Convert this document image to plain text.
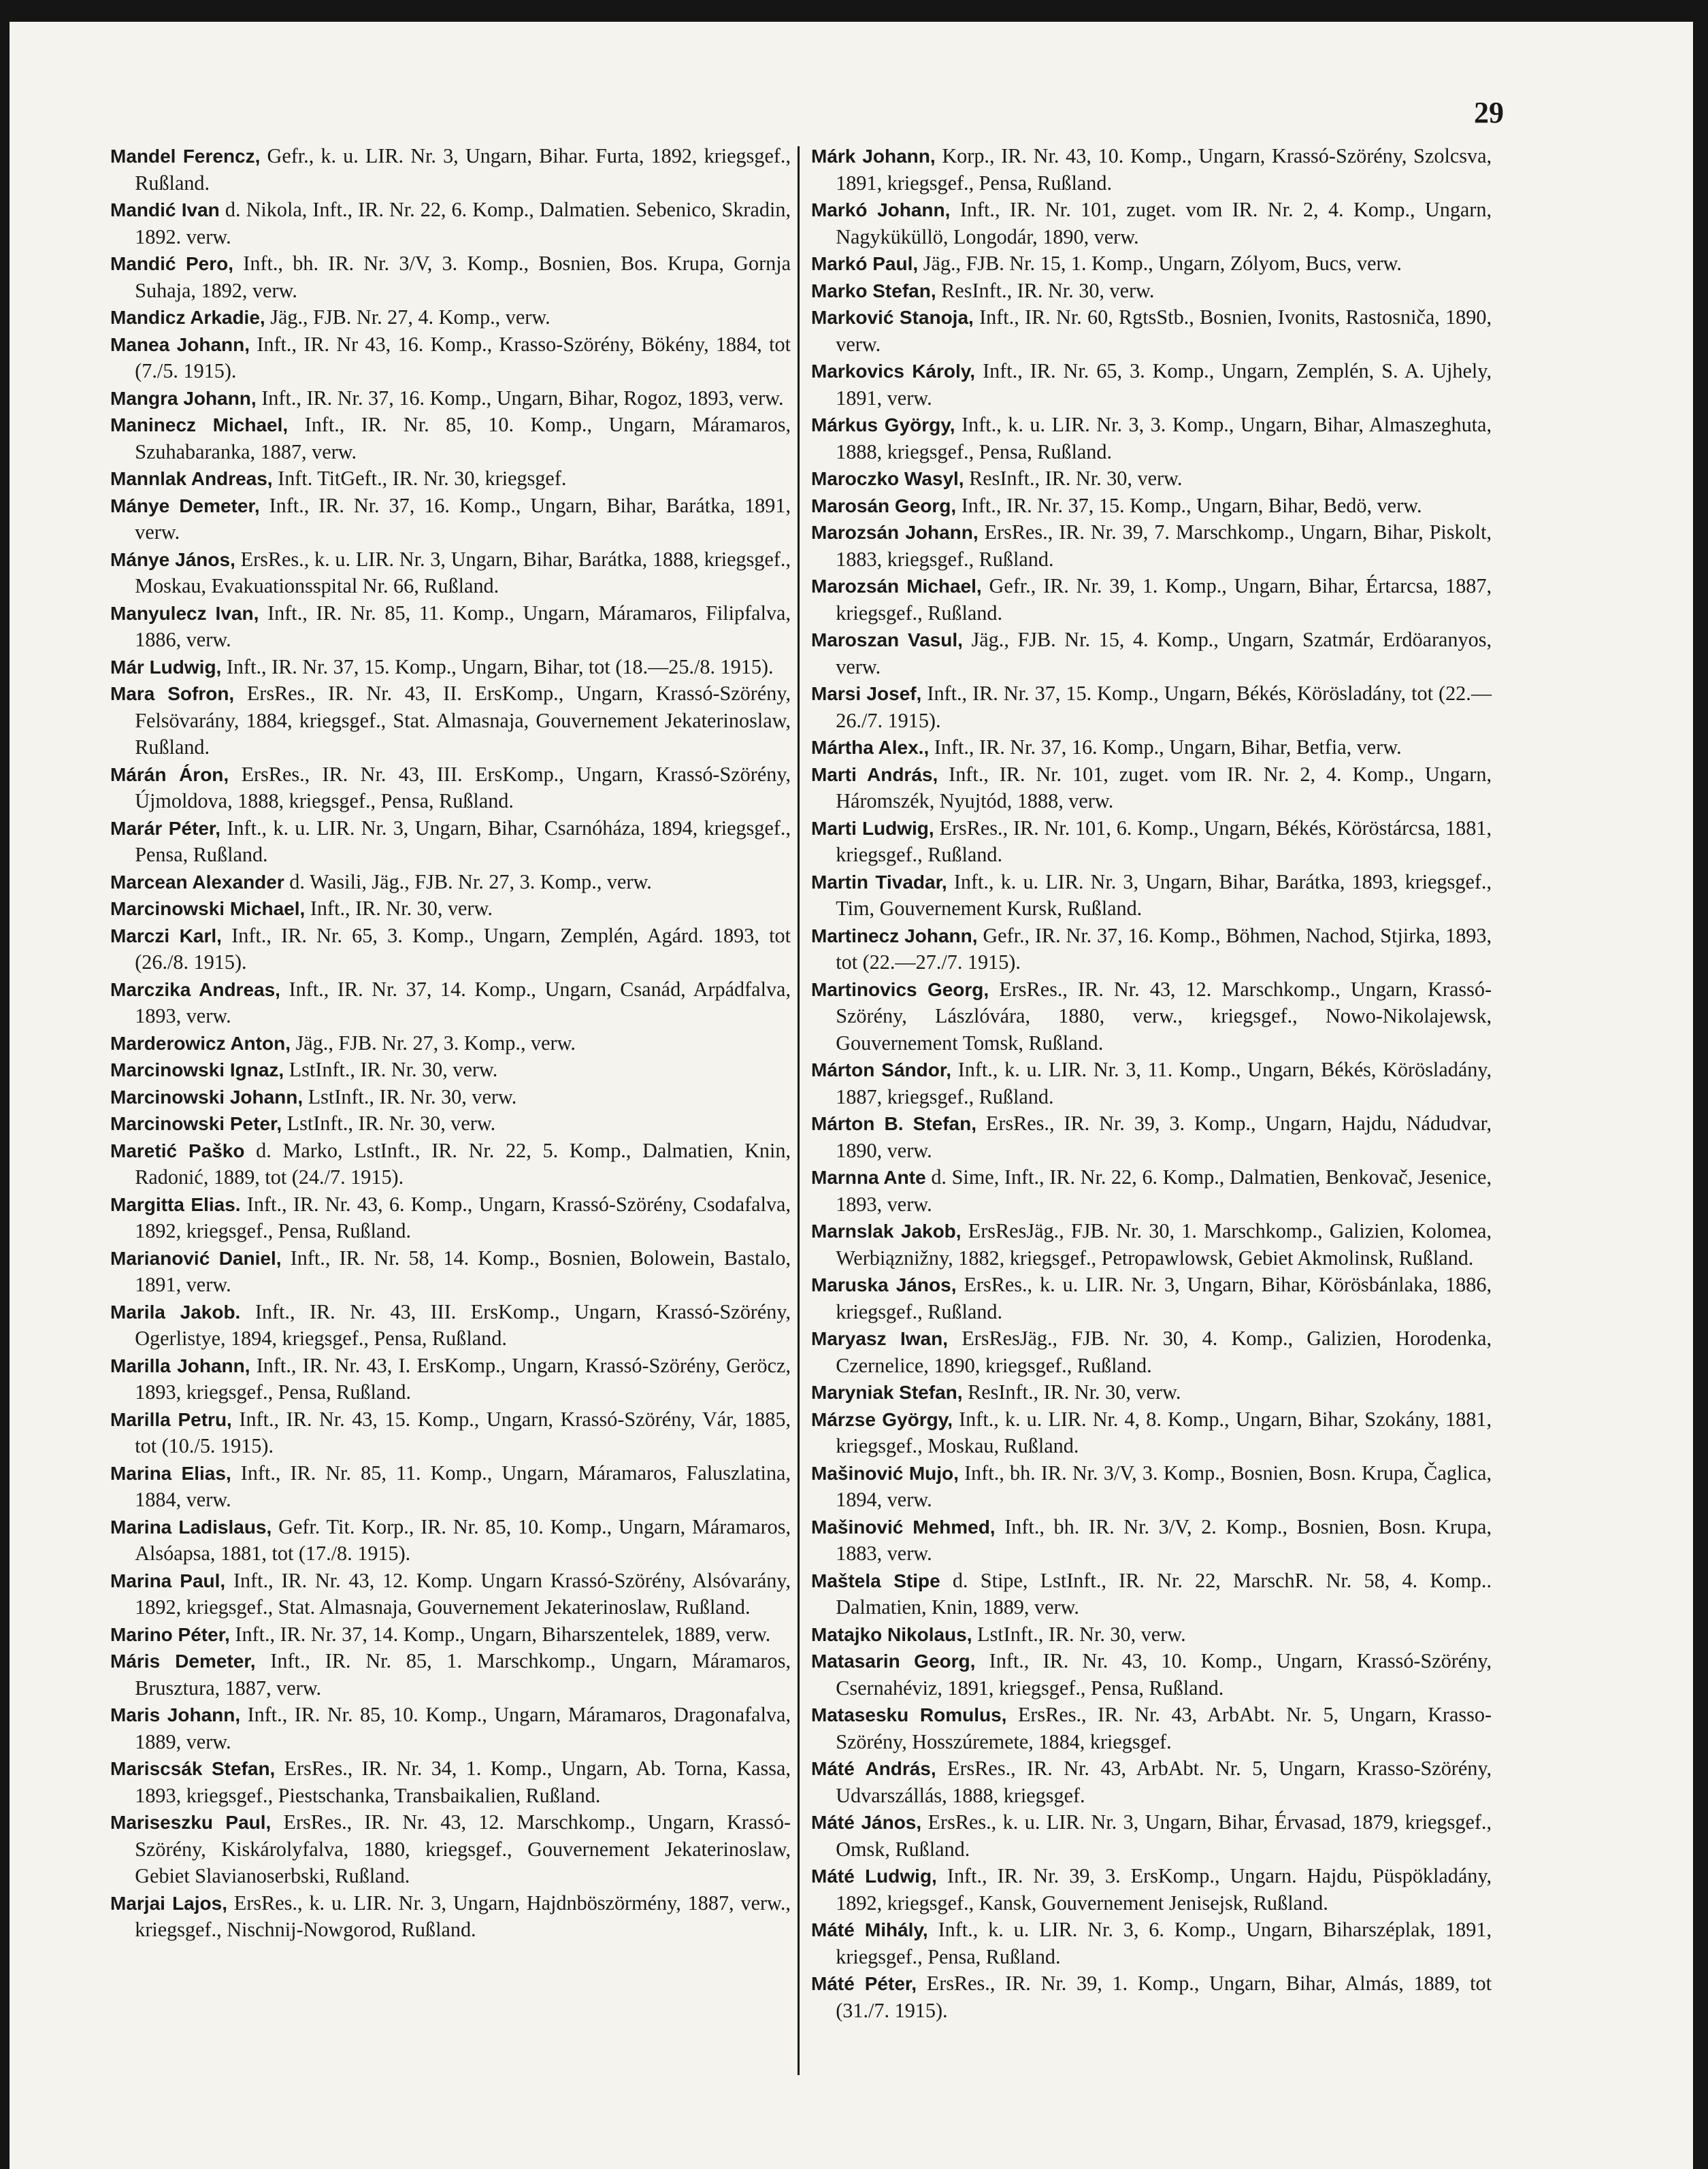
29

Mandel Ferencz, Gefr., k. u. LIR. Nr. 3, Ungarn, Bihar. Furta, 1892, kriegsgef., Rußland.

Mandić Ivan d. Nikola, Inft., IR. Nr. 22, 6. Komp., Dalmatien. Sebenico, Skradin, 1892. verw.

Mandić Pero, Inft., bh. IR. Nr. 3/V, 3. Komp., Bosnien, Bos. Krupa, Gornja Suhaja, 1892, verw.

Mandicz Arkadie, Jäg., FJB. Nr. 27, 4. Komp., verw.

Manea Johann, Inft., IR. Nr 43, 16. Komp., Krasso-Szörény, Bökény, 1884, tot (7./5. 1915).

Mangra Johann, Inft., IR. Nr. 37, 16. Komp., Ungarn, Bihar, Rogoz, 1893, verw.

Maninecz Michael, Inft., IR. Nr. 85, 10. Komp., Ungarn, Máramaros, Szuhabaranka, 1887, verw.

Mannlak Andreas, Inft. TitGeft., IR. Nr. 30, kriegsgef.

Mánye Demeter, Inft., IR. Nr. 37, 16. Komp., Ungarn, Bihar, Barátka, 1891, verw.

Mánye János, ErsRes., k. u. LIR. Nr. 3, Ungarn, Bihar, Barátka, 1888, kriegsgef., Moskau, Evakuationsspital Nr. 66, Rußland.

Manyulecz Ivan, Inft., IR. Nr. 85, 11. Komp., Ungarn, Máramaros, Filipfalva, 1886, verw.

Már Ludwig, Inft., IR. Nr. 37, 15. Komp., Ungarn, Bihar, tot (18.—25./8. 1915).

Mara Sofron, ErsRes., IR. Nr. 43, II. ErsKomp., Ungarn, Krassó-Szörény, Felsövarány, 1884, kriegsgef., Stat. Almasnaja, Gouvernement Jekaterinoslaw, Rußland.

Márán Áron, ErsRes., IR. Nr. 43, III. ErsKomp., Ungarn, Krassó-Szörény, Újmoldova, 1888, kriegsgef., Pensa, Rußland.

Marár Péter, Inft., k. u. LIR. Nr. 3, Ungarn, Bihar, Csarnóháza, 1894, kriegsgef., Pensa, Rußland.

Marcean Alexander d. Wasili, Jäg., FJB. Nr. 27, 3. Komp., verw.

Marcinowski Michael, Inft., IR. Nr. 30, verw.

Marczi Karl, Inft., IR. Nr. 65, 3. Komp., Ungarn, Zemplén, Agárd. 1893, tot (26./8. 1915).

Marczika Andreas, Inft., IR. Nr. 37, 14. Komp., Ungarn, Csanád, Arpádfalva, 1893, verw.

Marderowicz Anton, Jäg., FJB. Nr. 27, 3. Komp., verw.

Marcinowski Ignaz, LstInft., IR. Nr. 30, verw.

Marcinowski Johann, LstInft., IR. Nr. 30, verw.

Marcinowski Peter, LstInft., IR. Nr. 30, verw.

Maretić Paško d. Marko, LstInft., IR. Nr. 22, 5. Komp., Dalmatien, Knin, Radonić, 1889, tot (24./7. 1915).

Margitta Elias. Inft., IR. Nr. 43, 6. Komp., Ungarn, Krassó-Szörény, Csodafalva, 1892, kriegsgef., Pensa, Rußland.

Marianović Daniel, Inft., IR. Nr. 58, 14. Komp., Bosnien, Bolowein, Bastalo, 1891, verw.

Marila Jakob. Inft., IR. Nr. 43, III. ErsKomp., Ungarn, Krassó-Szörény, Ogerlistye, 1894, kriegsgef., Pensa, Rußland.

Marilla Johann, Inft., IR. Nr. 43, I. ErsKomp., Ungarn, Krassó-Szörény, Geröcz, 1893, kriegsgef., Pensa, Rußland.

Marilla Petru, Inft., IR. Nr. 43, 15. Komp., Ungarn, Krassó-Szörény, Vár, 1885, tot (10./5. 1915).

Marina Elias, Inft., IR. Nr. 85, 11. Komp., Ungarn, Máramaros, Faluszlatina, 1884, verw.

Marina Ladislaus, Gefr. Tit. Korp., IR. Nr. 85, 10. Komp., Ungarn, Máramaros, Alsóapsa, 1881, tot (17./8. 1915).

Marina Paul, Inft., IR. Nr. 43, 12. Komp. Ungarn Krassó-Szörény, Alsóvarány, 1892, kriegsgef., Stat. Almasnaja, Gouvernement Jekaterinoslaw, Rußland.

Marino Péter, Inft., IR. Nr. 37, 14. Komp., Ungarn, Biharszentelek, 1889, verw.

Máris Demeter, Inft., IR. Nr. 85, 1. Marschkomp., Ungarn, Máramaros, Brusztura, 1887, verw.

Maris Johann, Inft., IR. Nr. 85, 10. Komp., Ungarn, Máramaros, Dragonafalva, 1889, verw.

Mariscsák Stefan, ErsRes., IR. Nr. 34, 1. Komp., Ungarn, Ab. Torna, Kassa, 1893, kriegsgef., Piestschanka, Transbaikalien, Rußland.

Mariseszku Paul, ErsRes., IR. Nr. 43, 12. Marschkomp., Ungarn, Krassó-Szörény, Kiskárolyfalva, 1880, kriegsgef., Gouvernement Jekaterinoslaw, Gebiet Slavianoserbski, Rußland.

Marjai Lajos, ErsRes., k. u. LIR. Nr. 3, Ungarn, Hajdnböszörmény, 1887, verw., kriegsgef., Nischnij-Nowgorod, Rußland.

Márk Johann, Korp., IR. Nr. 43, 10. Komp., Ungarn, Krassó-Szörény, Szolcsva, 1891, kriegsgef., Pensa, Rußland.

Markó Johann, Inft., IR. Nr. 101, zuget. vom IR. Nr. 2, 4. Komp., Ungarn, Nagyküküllö, Longodár, 1890, verw.

Markó Paul, Jäg., FJB. Nr. 15, 1. Komp., Ungarn, Zólyom, Bucs, verw.

Marko Stefan, ResInft., IR. Nr. 30, verw.

Marković Stanoja, Inft., IR. Nr. 60, RgtsStb., Bosnien, Ivonits, Rastosniča, 1890, verw.

Markovics Károly, Inft., IR. Nr. 65, 3. Komp., Ungarn, Zemplén, S. A. Ujhely, 1891, verw.

Márkus György, Inft., k. u. LIR. Nr. 3, 3. Komp., Ungarn, Bihar, Almaszeghuta, 1888, kriegsgef., Pensa, Rußland.

Maroczko Wasyl, ResInft., IR. Nr. 30, verw.

Marosán Georg, Inft., IR. Nr. 37, 15. Komp., Ungarn, Bihar, Bedö, verw.

Marozsán Johann, ErsRes., IR. Nr. 39, 7. Marschkomp., Ungarn, Bihar, Piskolt, 1883, kriegsgef., Rußland.

Marozsán Michael, Gefr., IR. Nr. 39, 1. Komp., Ungarn, Bihar, Értarcsa, 1887, kriegsgef., Rußland.

Maroszan Vasul, Jäg., FJB. Nr. 15, 4. Komp., Ungarn, Szatmár, Erdöaranyos, verw.

Marsi Josef, Inft., IR. Nr. 37, 15. Komp., Ungarn, Békés, Körösladány, tot (22.—26./7. 1915).

Mártha Alex., Inft., IR. Nr. 37, 16. Komp., Ungarn, Bihar, Betfia, verw.

Marti András, Inft., IR. Nr. 101, zuget. vom IR. Nr. 2, 4. Komp., Ungarn, Háromszék, Nyujtód, 1888, verw.

Marti Ludwig, ErsRes., IR. Nr. 101, 6. Komp., Ungarn, Békés, Köröstárcsa, 1881, kriegsgef., Rußland.

Martin Tivadar, Inft., k. u. LIR. Nr. 3, Ungarn, Bihar, Barátka, 1893, kriegsgef., Tim, Gouvernement Kursk, Rußland.

Martinecz Johann, Gefr., IR. Nr. 37, 16. Komp., Böhmen, Nachod, Stjirka, 1893, tot (22.—27./7. 1915).

Martinovics Georg, ErsRes., IR. Nr. 43, 12. Marschkomp., Ungarn, Krassó-Szörény, Lászlóvára, 1880, verw., kriegsgef., Nowo-Nikolajewsk, Gouvernement Tomsk, Rußland.

Márton Sándor, Inft., k. u. LIR. Nr. 3, 11. Komp., Ungarn, Békés, Körösladány, 1887, kriegsgef., Rußland.

Márton B. Stefan, ErsRes., IR. Nr. 39, 3. Komp., Ungarn, Hajdu, Nádudvar, 1890, verw.

Marnna Ante d. Sime, Inft., IR. Nr. 22, 6. Komp., Dalmatien, Benkovač, Jesenice, 1893, verw.

Marnslak Jakob, ErsResJäg., FJB. Nr. 30, 1. Marschkomp., Galizien, Kolomea, Werbiąznižny, 1882, kriegsgef., Petropawlowsk, Gebiet Akmolinsk, Rußland.

Maruska János, ErsRes., k. u. LIR. Nr. 3, Ungarn, Bihar, Körösbánlaka, 1886, kriegsgef., Rußland.

Maryasz Iwan, ErsResJäg., FJB. Nr. 30, 4. Komp., Galizien, Horodenka, Czernelice, 1890, kriegsgef., Rußland.

Maryniak Stefan, ResInft., IR. Nr. 30, verw.

Márzse György, Inft., k. u. LIR. Nr. 4, 8. Komp., Ungarn, Bihar, Szokány, 1881, kriegsgef., Moskau, Rußland.

Mašinović Mujo, Inft., bh. IR. Nr. 3/V, 3. Komp., Bosnien, Bosn. Krupa, Čaglica, 1894, verw.

Mašinović Mehmed, Inft., bh. IR. Nr. 3/V, 2. Komp., Bosnien, Bosn. Krupa, 1883, verw.

Maštela Stipe d. Stipe, LstInft., IR. Nr. 22, MarschR. Nr. 58, 4. Komp.. Dalmatien, Knin, 1889, verw.

Matajko Nikolaus, LstInft., IR. Nr. 30, verw.

Matasarin Georg, Inft., IR. Nr. 43, 10. Komp., Ungarn, Krassó-Szörény, Csernahéviz, 1891, kriegsgef., Pensa, Rußland.

Matasesku Romulus, ErsRes., IR. Nr. 43, ArbAbt. Nr. 5, Ungarn, Krasso-Szörény, Hosszúremete, 1884, kriegsgef.

Máté András, ErsRes., IR. Nr. 43, ArbAbt. Nr. 5, Ungarn, Krasso-Szörény, Udvarszállás, 1888, kriegsgef.

Máté János, ErsRes., k. u. LIR. Nr. 3, Ungarn, Bihar, Érvasad, 1879, kriegsgef., Omsk, Rußland.

Máté Ludwig, Inft., IR. Nr. 39, 3. ErsKomp., Ungarn. Hajdu, Püspökladány, 1892, kriegsgef., Kansk, Gouvernement Jenisejsk, Rußland.

Máté Mihály, Inft., k. u. LIR. Nr. 3, 6. Komp., Ungarn, Biharszéplak, 1891, kriegsgef., Pensa, Rußland.

Máté Péter, ErsRes., IR. Nr. 39, 1. Komp., Ungarn, Bihar, Almás, 1889, tot (31./7. 1915).
